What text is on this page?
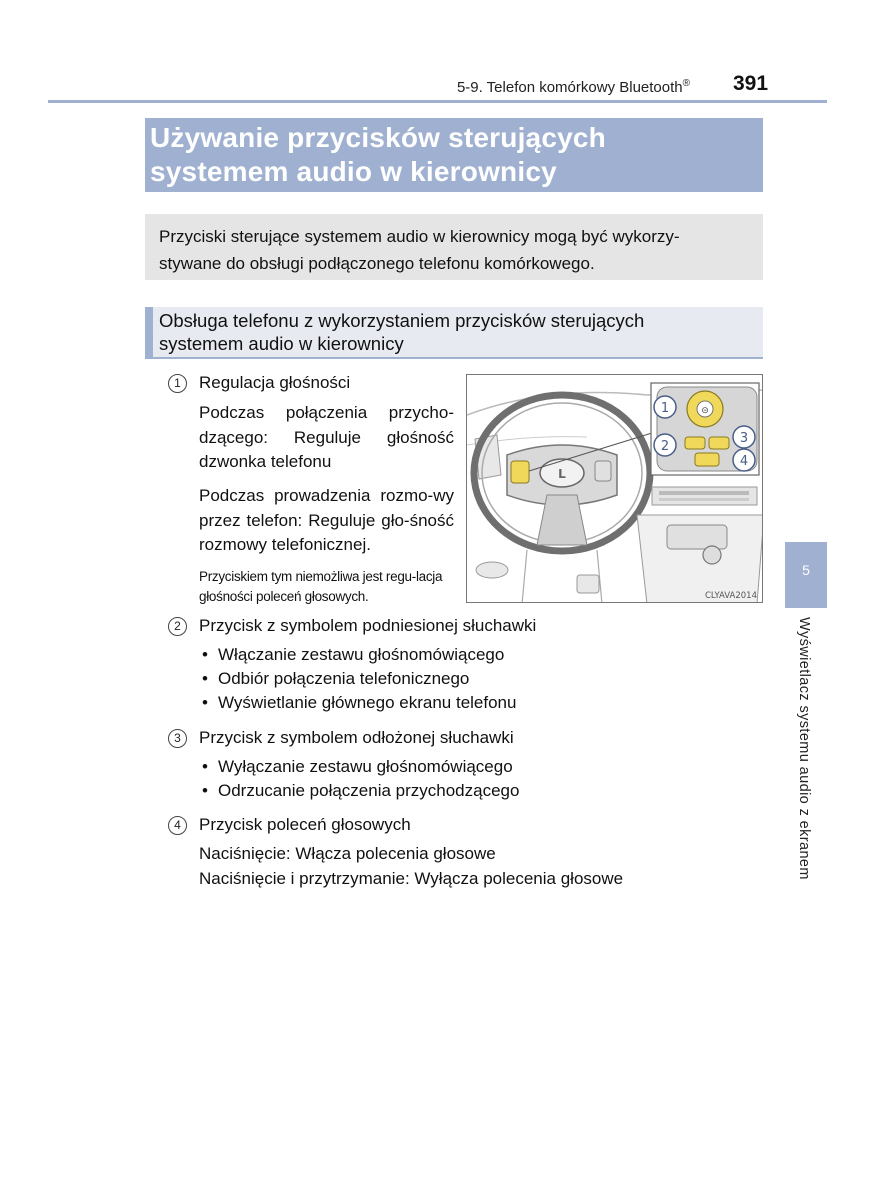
5-9. Telefon komórkowy Bluetooth® 391
Używanie przycisków sterujących
systemem audio w kierownicy

Przyciski sterujące systemem audio w kierownicy mogą być wykorzy-
stywane do obsługi podłączonego telefonu komórkowego.

Obsługa telefonu z wykorzystaniem przycisków sterujących
systemem audio w kierownicy
1	Regulacja głośności
Podczas połączenia przycho-dzącego: Reguluje głośność dzwonka telefonu
Podczas prowadzenia rozmo-wy przez telefon: Reguluje gło-śność rozmowy telefonicznej.
Przyciskiem tym niemożliwa jest regu-lacja głośności poleceń głosowych.
L
⊝
1
2
3
4
CLYAVA2014
2	Przycisk z symbolem podniesionej słuchawki
• Włączanie zestawu głośnomówiącego
• Odbiór połączenia telefonicznego
• Wyświetlanie głównego ekranu telefonu
3	Przycisk z symbolem odłożonej słuchawki
• Wyłączanie zestawu głośnomówiącego
• Odrzucanie połączenia przychodzącego
4	Przycisk poleceń głosowych
Naciśnięcie: Włącza polecenia głosowe
Naciśnięcie i przytrzymanie: Wyłącza polecenia głosowe
5
Wyświetlacz systemu audio z ekranem
